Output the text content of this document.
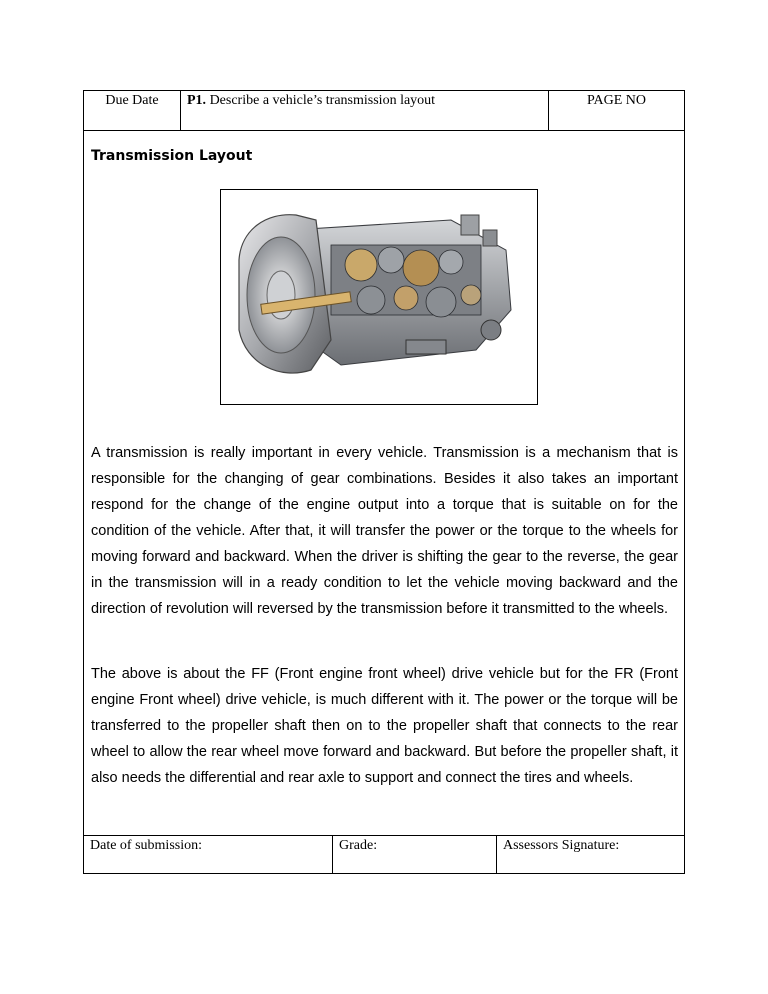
Due Date	P1. Describe a vehicle’s transmission layout	PAGE NO
Transmission Layout

A transmission is really important in every vehicle. Transmission is a mechanism that is responsible for the changing of gear combinations. Besides it also takes an important respond for the change of the engine output into a torque that is suitable on for the condition of the vehicle. After that, it will transfer the power or the torque to the wheels for moving forward and backward. When the driver is shifting the gear to the reverse, the gear in the transmission will in a ready condition to let the vehicle moving backward and the direction of revolution will reversed by the transmission before it transmitted to the wheels.

The above is about the FF (Front engine front wheel) drive vehicle but for the FR (Front engine Front wheel) drive vehicle, is much different with it. The power or the torque will be transferred to the propeller shaft then on to the propeller shaft that connects to the rear wheel to allow the rear wheel move forward and backward. But before the propeller shaft, it also needs the differential and rear axle to support and connect the tires and wheels.

Date of submission:	Grade:	Assessors Signature:
